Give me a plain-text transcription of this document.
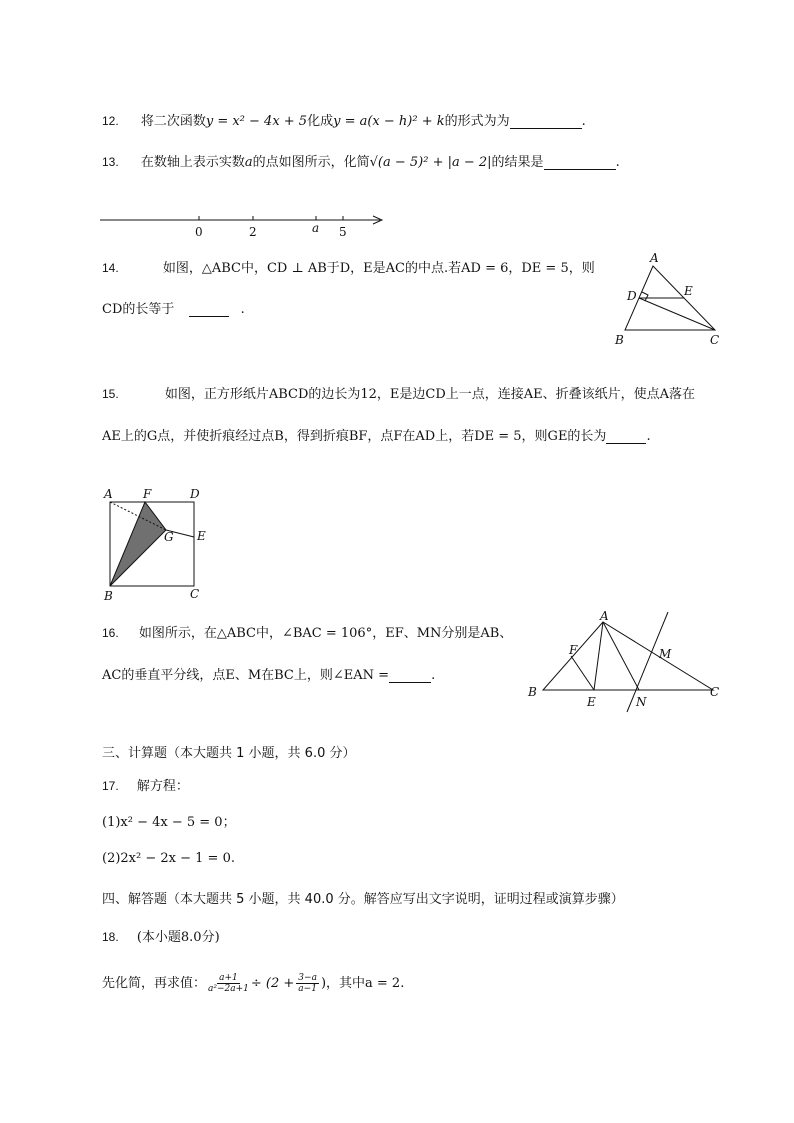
12. 将二次函数y = x² − 4x + 5化成y = a(x − h)² + k的形式为为	.
13. 在数轴上表示实数a的点如图所示，化简√(a − 5)² + |a − 2|的结果是	.
0	2	a 5
14.	如图，△ABC中，CD ⊥ AB于D，E是AC的中点.若AD = 6，DE = 5，则
CD的长等于	.
A
B	C
D	E
15.	如图，正方形纸片ABCD的边长为12，E是边CD上一点，连接AE、折叠该纸片，使点A落在
AE上的G点，并使折痕经过点B，得到折痕BF，点F在AD上，若DE = 5，则GE的长为	.
A	F	D
G E
B	C
16. 如图所示，在△ABC中，∠BAC = 106°，EF、MN分别是AB、
AC的垂直平分线，点E、M在BC上，则∠EAN =	.
A
B	C
E
F	M
N
三、计算题（本大题共 1 小题，共 6.0 分）
17. 解方程：
(1)x² − 4x − 5 = 0；
(2)2x² − 2x − 1 = 0.
四、解答题（本大题共 5 小题，共 40.0 分。解答应写出文字说明，证明过程或演算步骤）
18. (本小题8.0分)
先化简，再求值： $\frac{a+1}{\text{a²−2a+1}} \div (2 + \frac{3-a}{a-1}$ )，其中a = 2.
